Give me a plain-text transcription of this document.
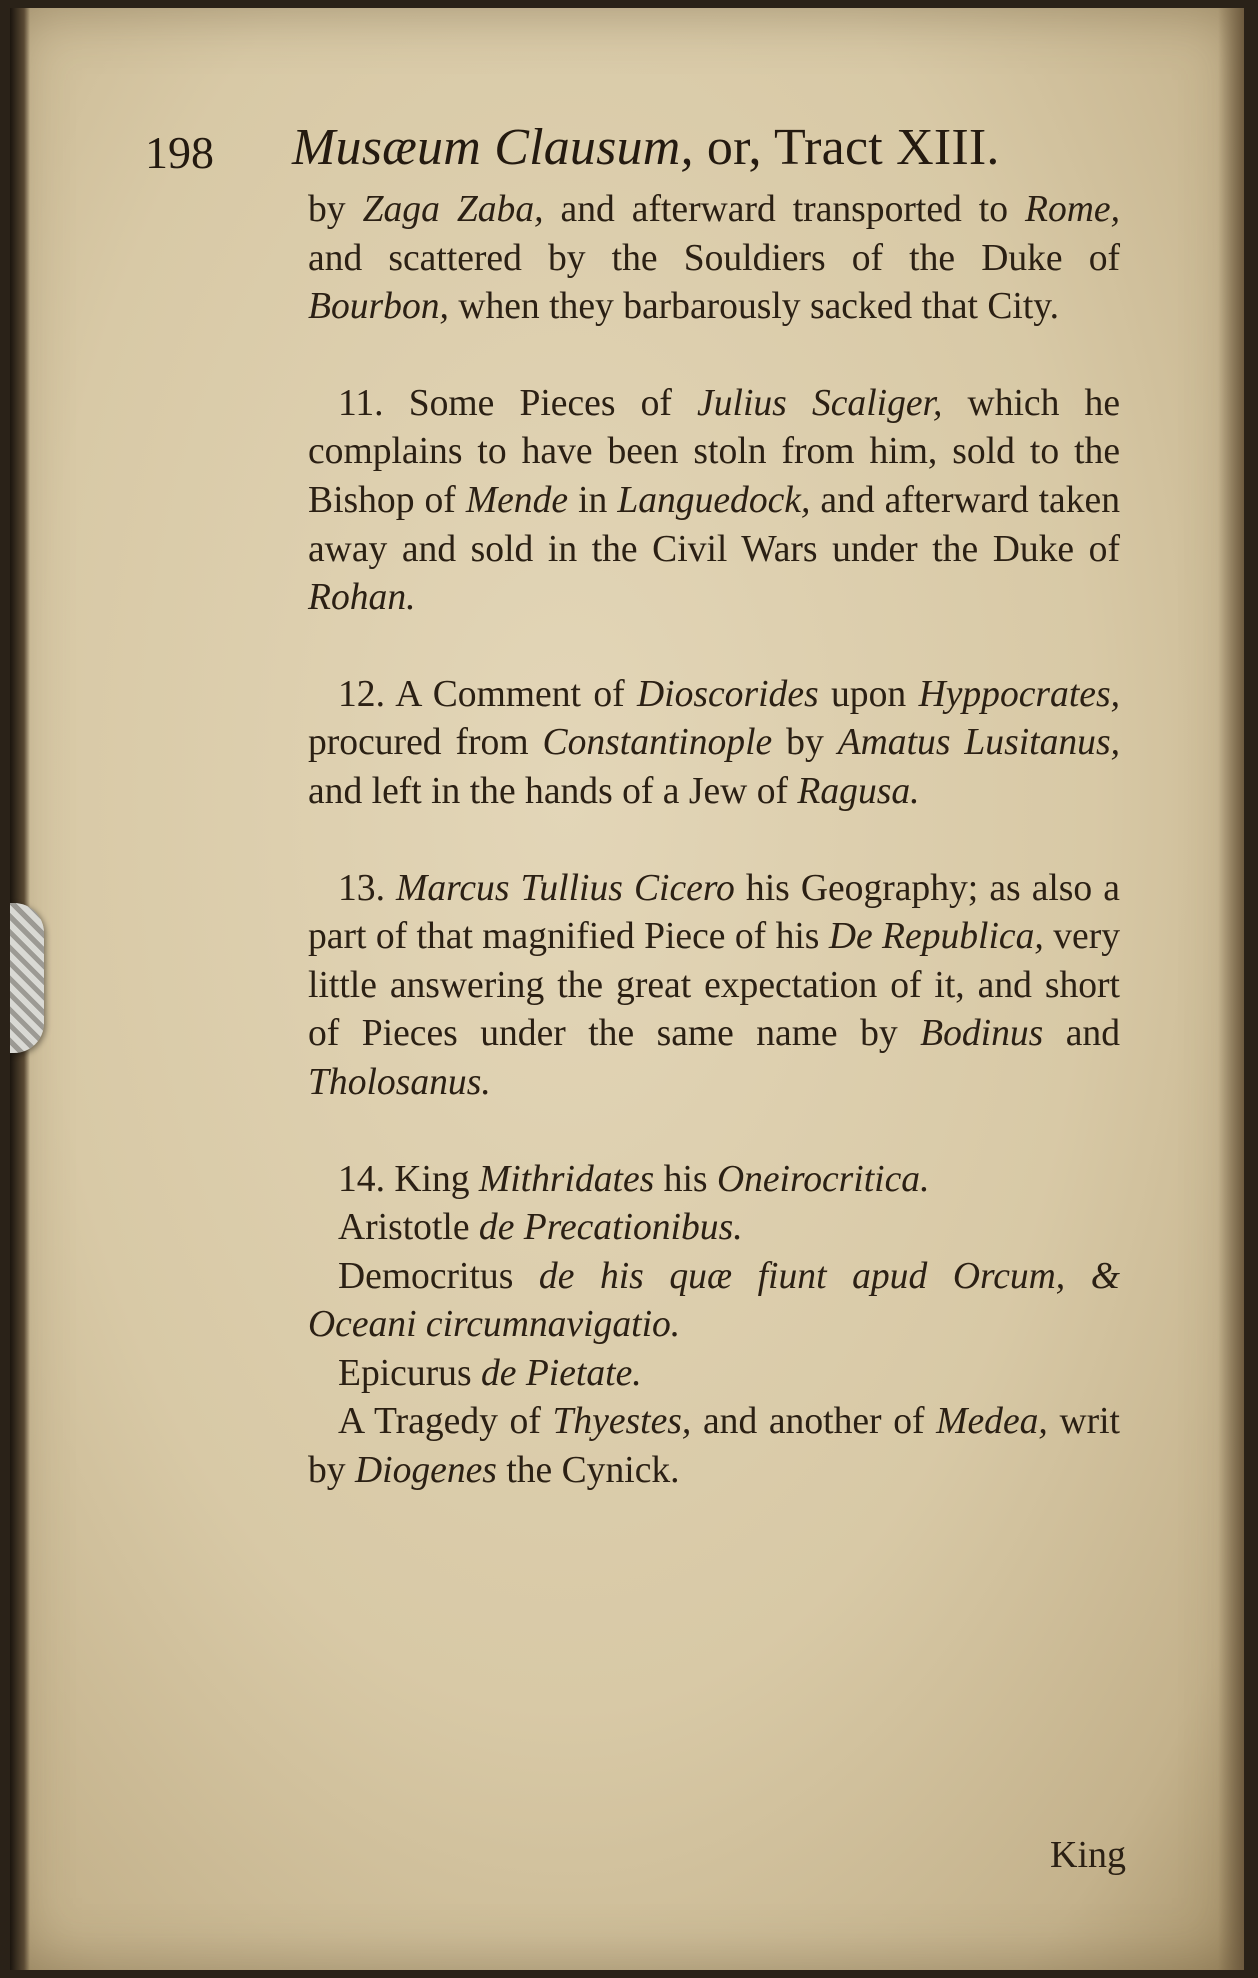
198 Musæum Clausum, or, Tract XIII.

by Zaga Zaba, and afterward transported to Rome, and scattered by the Souldiers of the Duke of Bourbon, when they barbarously sacked that City.

11. Some Pieces of Julius Scaliger, which he complains to have been stoln from him, sold to the Bishop of Mende in Languedock, and afterward taken away and sold in the Civil Wars under the Duke of Rohan.

12. A Comment of Dioscorides upon Hyppocrates, procured from Constantinople by Amatus Lusitanus, and left in the hands of a Jew of Ragusa.

13. Marcus Tullius Cicero his Geography; as also a part of that magnified Piece of his De Republica, very little answering the great expectation of it, and short of Pieces under the same name by Bodinus and Tholosanus.

14. King Mithridates his Oneirocritica.

Aristotle de Precationibus.

Democritus de his quæ fiunt apud Orcum, & Oceani circumnavigatio.

Epicurus de Pietate.

A Tragedy of Thyestes, and another of Medea, writ by Diogenes the Cynick.

King
